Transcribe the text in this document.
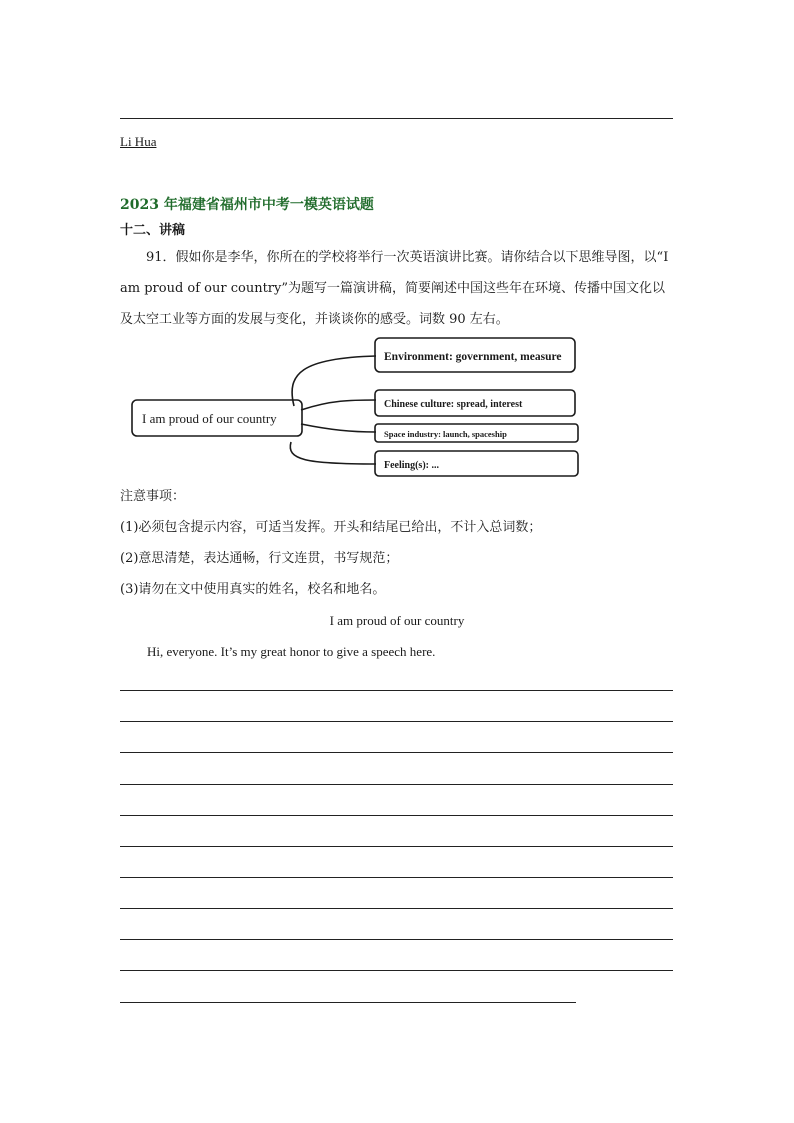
Li Hua
2023 年福建省福州市中考一模英语试题
十二、讲稿
91．假如你是李华，你所在的学校将举行一次英语演讲比赛。请你结合以下思维导图，以“I am proud of our country”为题写一篇演讲稿，简要阐述中国这些年在环境、传播中国文化以及太空工业等方面的发展与变化，并谈谈你的感受。词数 90 左右。
I am proud of our country
Environment: government, measure
Chinese culture: spread, interest
Space industry: launch, spaceship
Feeling(s): ...
注意事项：
(1)必须包含提示内容，可适当发挥。开头和结尾已给出，不计入总词数；
(2)意思清楚，表达通畅，行文连贯，书写规范；
(3)请勿在文中使用真实的姓名，校名和地名。
I am proud of our country
Hi, everyone. It’s my great honor to give a speech here.
